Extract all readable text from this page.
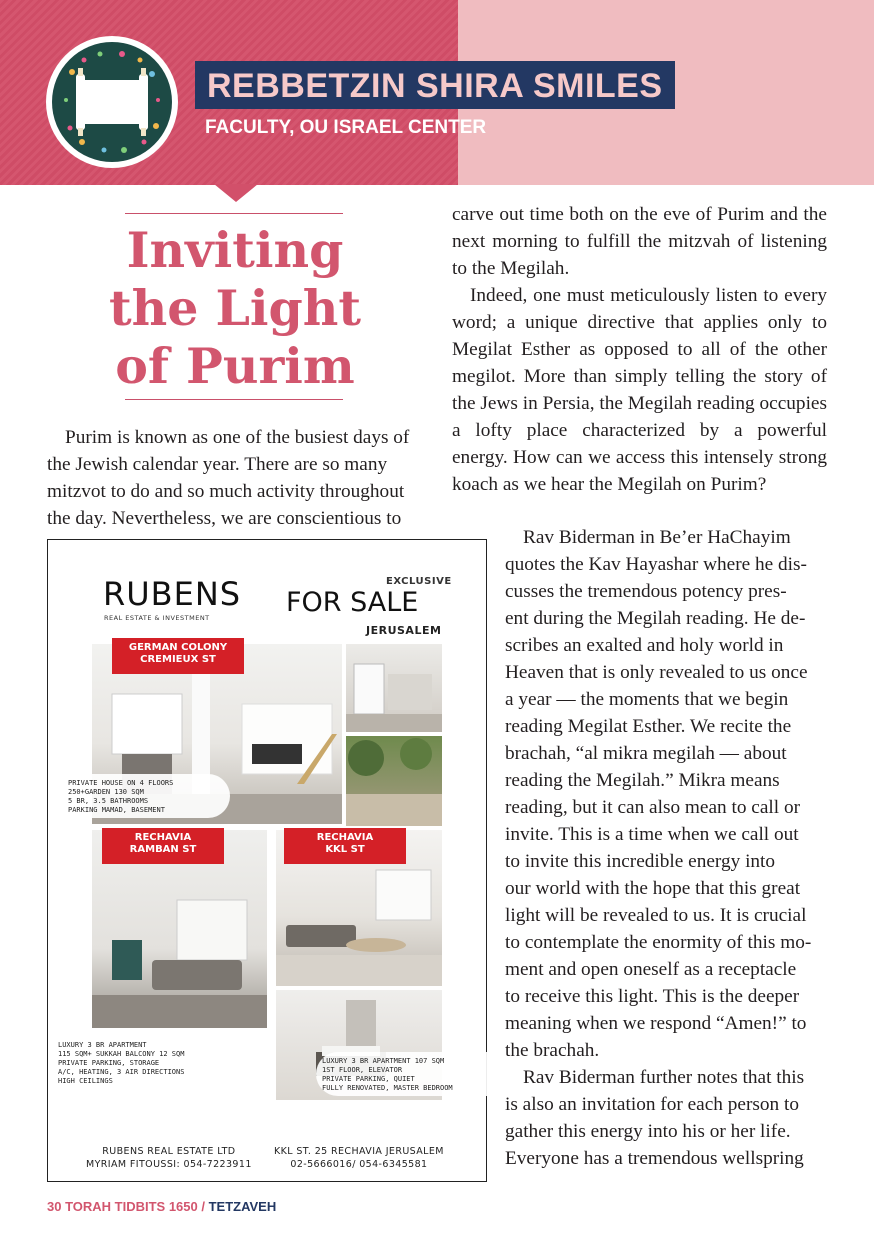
REBBETZIN SHIRA SMILES
FACULTY, OU ISRAEL CENTER
Inviting
the Light
of Purim

Purim is known as one of the busiest days of

the Jewish calendar year. There are so many

mitzvot to do and so much activity throughout

the day. Nevertheless, we are conscientious to

carve out time both on the eve of Purim and the next morning to fulfill the mitzvah of listening to the Megilah.

Indeed, one must meticulously listen to every word; a unique directive that applies only to Megilat Esther as opposed to all of the other megilot. More than simply telling the story of the Jews in Persia, the Megilah reading occupies a lofty place characterized by a powerful energy. How can we access this intensely strong koach as we hear the Megilah on Purim?

Rav Biderman in Be’er HaChayim

quotes the Kav Hayashar where he dis-

cusses the tremendous potency pres-

ent during the Megilah reading. He de-

scribes an exalted and holy world in

Heaven that is only revealed to us once

a year — the moments that we begin

reading Megilat Esther. We recite the

brachah, “al mikra megilah — about

reading the Megilah.” Mikra means

reading, but it can also mean to call or

invite. This is a time when we call out

to invite this incredible energy into

our world with the hope that this great

light will be revealed to us. It is crucial

to contemplate the enormity of this mo-

ment and open oneself as a receptacle

to receive this light. This is the deeper

meaning when we respond “Amen!” to

the brachah.

Rav Biderman further notes that this

is also an invitation for each person to

gather this energy into his or her life.

Everyone has a tremendous wellspring

RUBENS
REAL ESTATE & INVESTMENT
EXCLUSIVE
FOR SALE
JERUSALEM
GERMAN COLONY
CREMIEUX ST
PRIVATE HOUSE ON 4 FLOORS
250+GARDEN 130 SQM
5 BR, 3.5 BATHROOMS
PARKING MAMAD, BASEMENT
RECHAVIA
RAMBAN ST
RECHAVIA
KKL ST
LUXURY 3 BR APARTMENT
115 SQM+ SUKKAH BALCONY 12 SQM
PRIVATE PARKING, STORAGE
A/C, HEATING, 3 AIR DIRECTIONS
HIGH CEILINGS
LUXURY 3 BR APARTMENT 107 SQM
1ST FLOOR, ELEVATOR
PRIVATE PARKING, QUIET
FULLY RENOVATED, MASTER BEDROOM
RUBENS REAL ESTATE LTD
MYRIAM FITOUSSI: 054-7223911
KKL ST. 25 RECHAVIA JERUSALEM
02-5666016/ 054-6345581
30 TORAH TIDBITS 1650 / TETZAVEH
